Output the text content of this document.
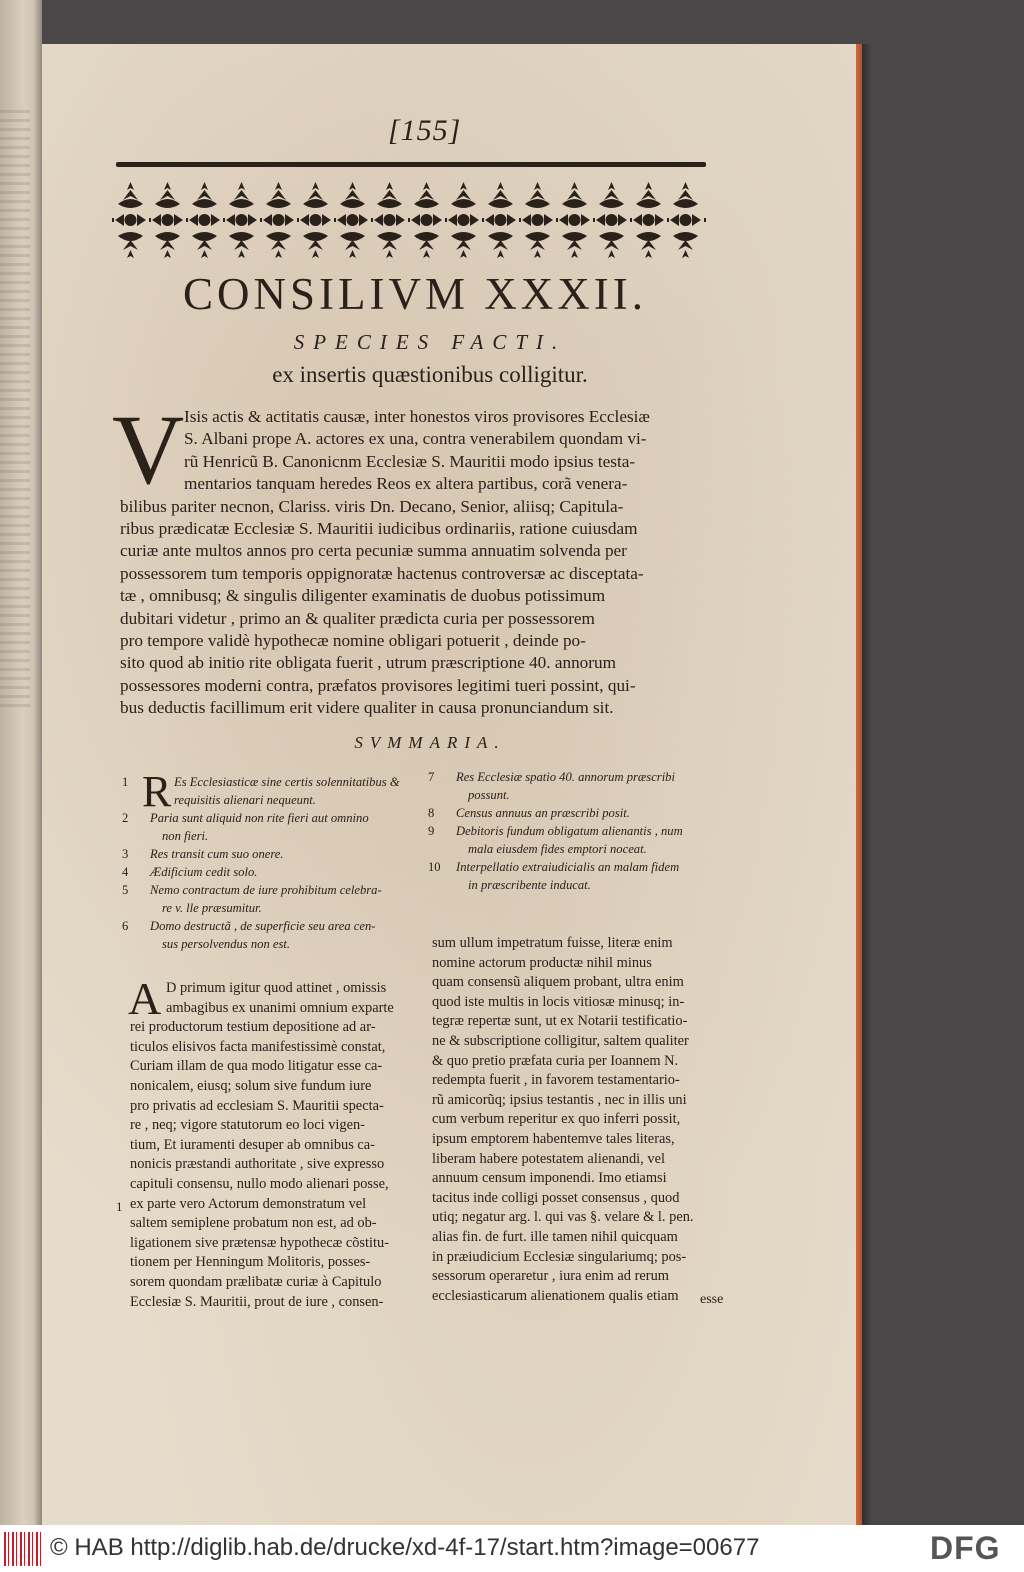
[155]
CONSILIVM XXXII.
SPECIES FACTI.
ex insertis quæstionibus colligitur.
V Isis actis & actitatis causæ, inter honestos viros provisores Ecclesiæ
S. Albani prope A. actores ex una, contra venerabilem quondam vi-
rũ Henricũ B. Canonicnm Ecclesiæ S. Mauritii modo ipsius testa-
mentarios tanquam heredes Reos ex altera partibus, corã venera-
bilibus pariter necnon, Clariss. viris Dn. Decano, Senior, aliisq; Capitula-
ribus prædicatæ Ecclesiæ S. Mauritii iudicibus ordinariis, ratione cuiusdam
curiæ ante multos annos pro certa pecuniæ summa annuatim solvenda per
possessorem tum temporis oppignoratæ hactenus controversæ ac disceptata-
tæ , omnibusq; & singulis diligenter examinatis de duobus potissimum
dubitari videtur , primo an & qualiter prædicta curia per possessorem
pro tempore validè hypothecæ nomine obligari potuerit , deinde po-
sito quod ab initio rite obligata fuerit , utrum præscriptione 40. annorum
possessores moderni contra, præfatos provisores legitimi tueri possint, qui-
bus deductis facillimum erit videre qualiter in causa pronunciandum sit.
SVMMARIA.
1	Es Ecclesiasticæ sine certis solennitatibus &
requisitis alienari nequeunt.
2	Paria sunt aliquid non rite fieri aut omnino
non fieri.
3	Res transit cum suo onere.
4	Ædificium cedit solo.
5	Nemo contractum de iure prohibitum celebra-
re v. lle præsumitur.
6	Domo destructã , de superficie seu area cen-
sus persolvendus non est.
R	7	Res Ecclesiæ spatio 40. annorum præscribi
possunt.
8	Census annuus an præscribi posit.
9	Debitoris fundum obligatum alienantis , num
mala eiusdem fides emptori noceat.
10	Interpellatio extraiudicialis an malam fidem
in præscribente inducat.
A D primum igitur quod attinet , omissis
ambagibus ex unanimi omnium exparte
rei productorum testium depositione ad ar-
ticulos elisivos facta manifestissimè constat,
Curiam illam de qua modo litigatur esse ca-
nonicalem, eiusq; solum sive fundum iure
pro privatis ad ecclesiam S. Mauritii specta-
re , neq; vigore statutorum eo loci vigen-
tium, Et iuramenti desuper ab omnibus ca-
nonicis præstandi authoritate , sive expresso
capituli consensu, nullo modo alienari posse,
ex parte vero Actorum demonstratum vel
saltem semiplene probatum non est, ad ob-
ligationem sive prætensæ hypothecæ cõstitu-
tionem per Henningum Molitoris, posses-
sorem quondam prælibatæ curiæ à Capitulo
Ecclesiæ S. Mauritii, prout de iure , consen-
1
sum ullum impetratum fuisse, literæ enim
nomine actorum productæ nihil minus
quam consensũ aliquem probant, ultra enim
quod iste multis in locis vitiosæ minusq; in-
tegræ repertæ sunt, ut ex Notarii testificatio-
ne & subscriptione colligitur, saltem qualiter
& quo pretio præfata curia per Ioannem N.
redempta fuerit , in favorem testamentario-
rũ amicorũq; ipsius testantis , nec in illis uni
cum verbum reperitur ex quo inferri possit,
ipsum emptorem habentemve tales literas,
liberam habere potestatem alienandi, vel
annuum censum imponendi. Imo etiamsi
tacitus inde colligi posset consensus , quod
utiq; negatur arg. l. qui vas §. velare & l. pen.
alias fin. de furt. ille tamen nihil quicquam
in præiudicium Ecclesiæ singulariumq; pos-
sessorum operaretur , iura enim ad rerum
ecclesiasticarum alienationem qualis etiam	esse
© HAB http://diglib.hab.de/drucke/xd-4f-17/start.htm?image=00677	DFG
